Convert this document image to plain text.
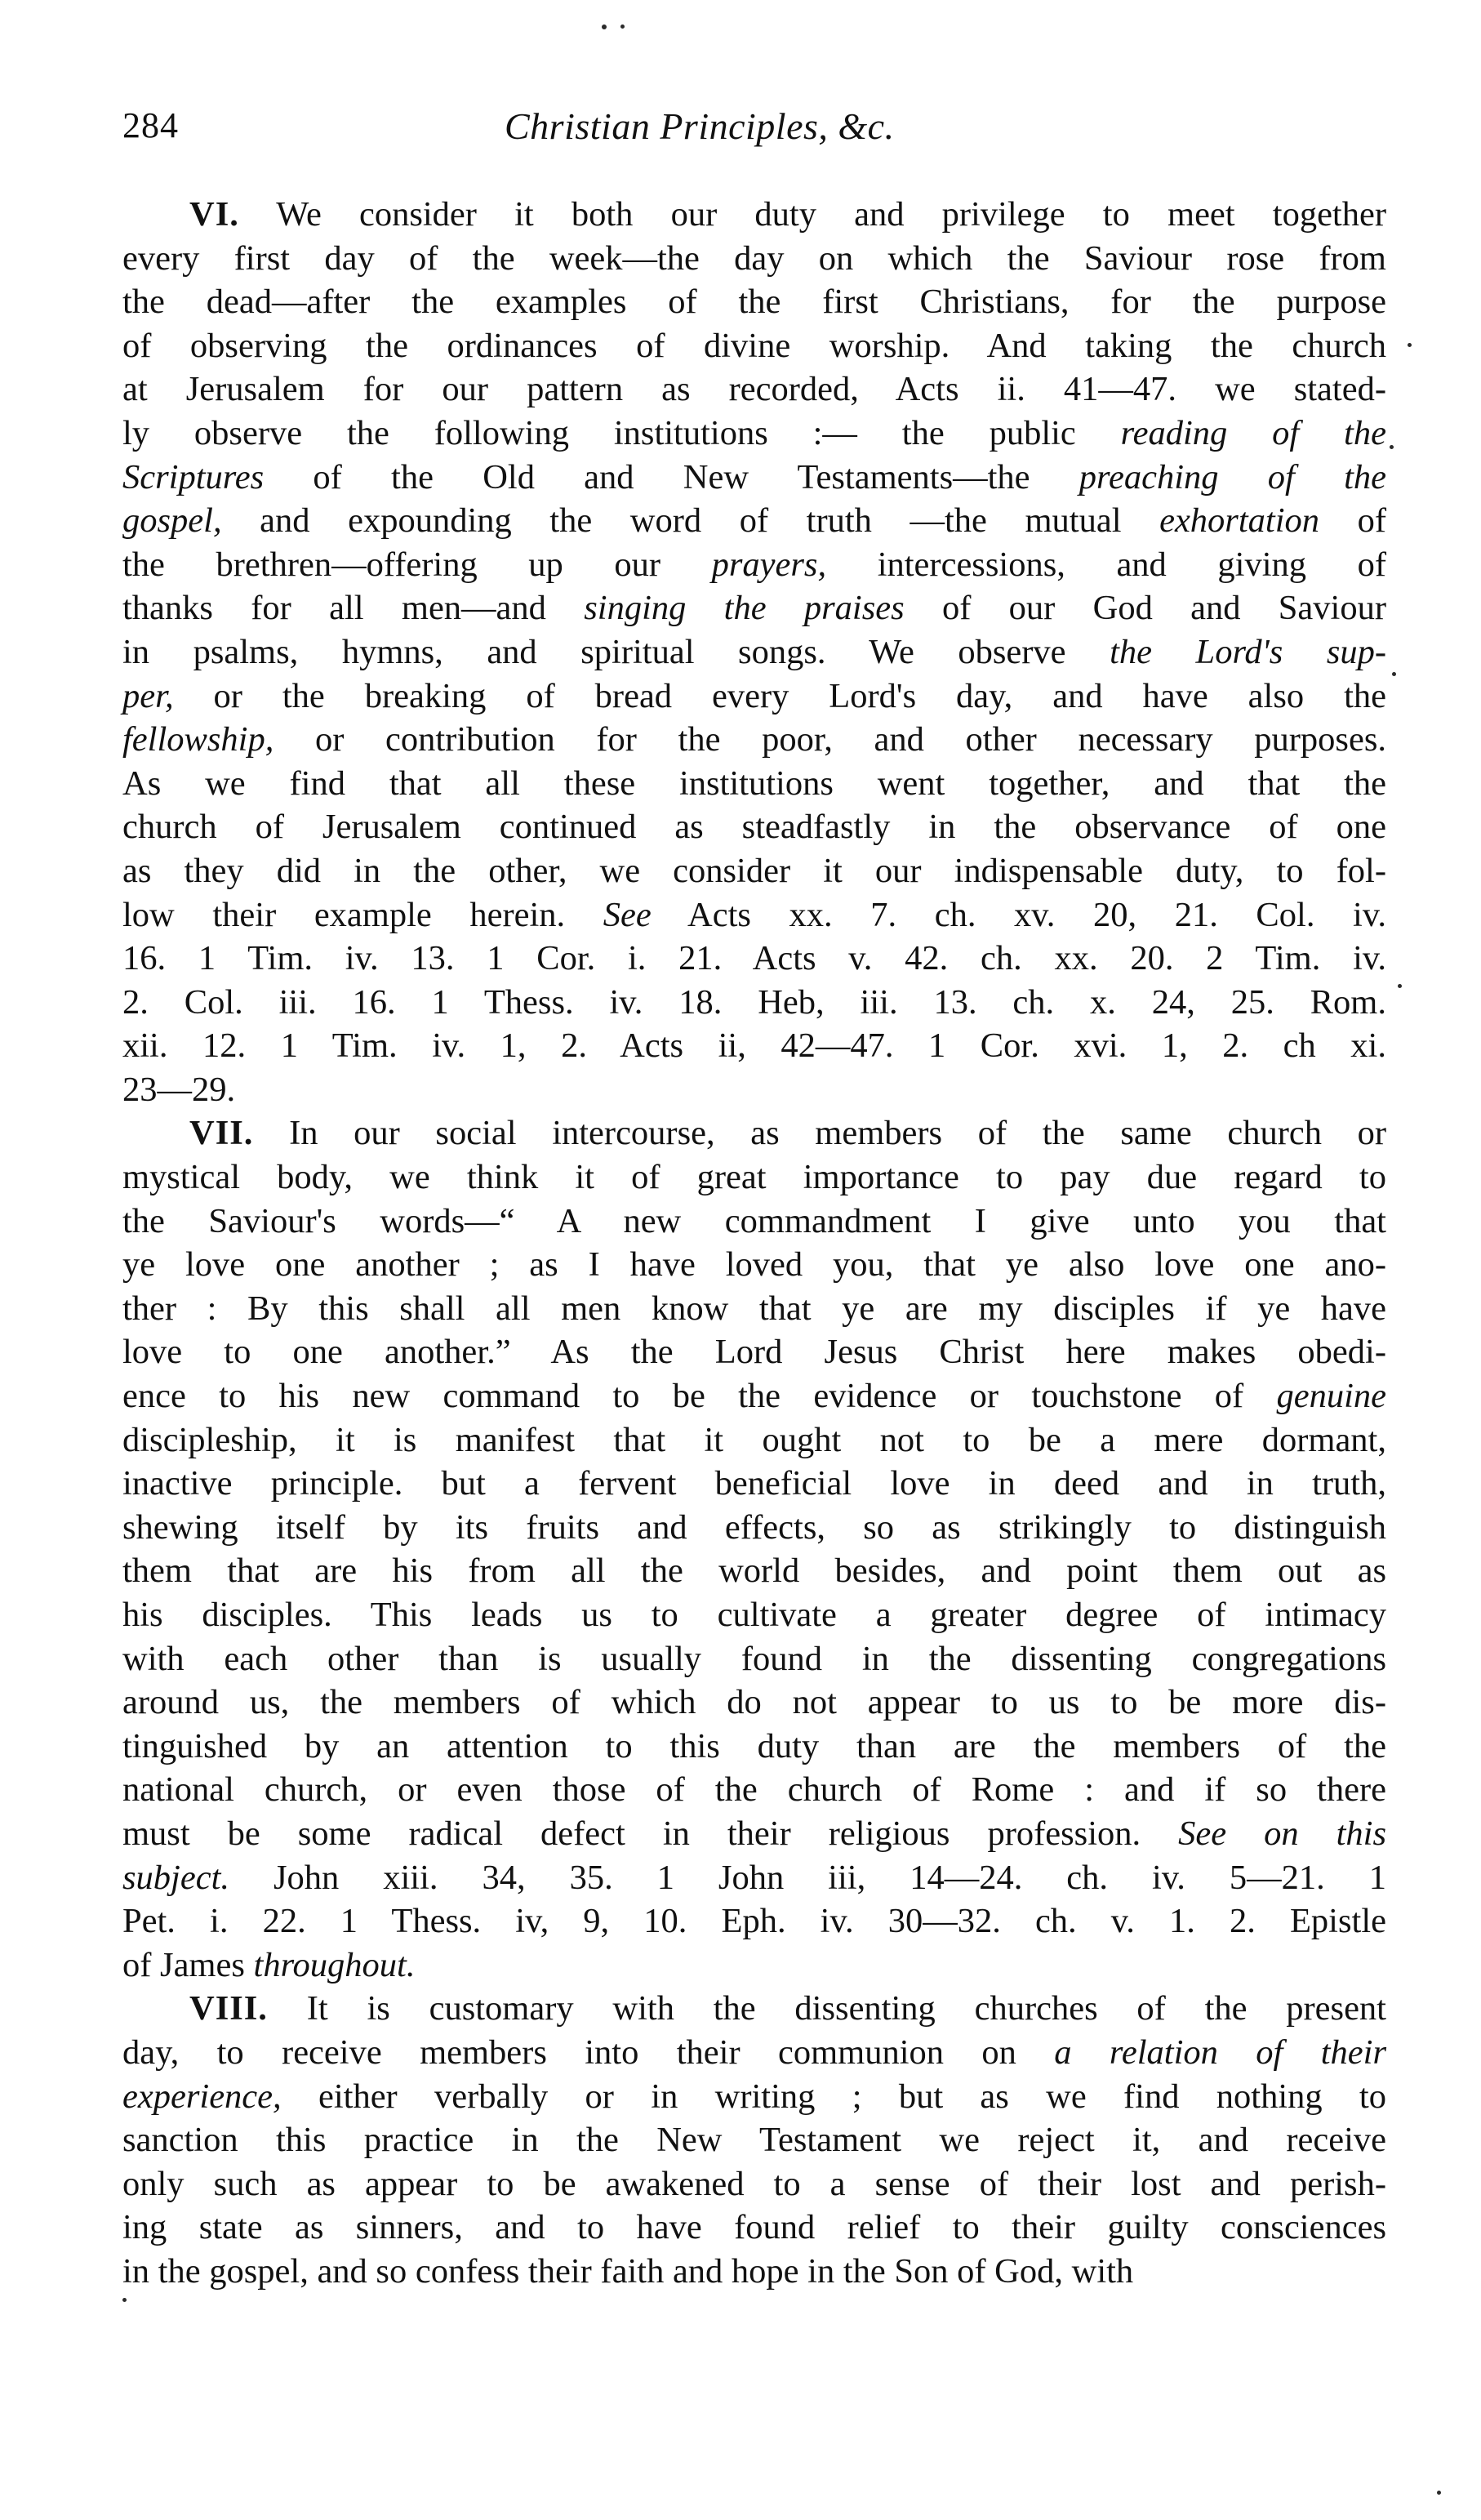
284	Christian Principles, &c.
VI. We consider it both our duty and privilege to meet together
every first day of the week—the day on which the Saviour rose from
the dead—after the examples of the first Christians, for the purpose
of observing the ordinances of divine worship. And taking the church
at Jerusalem for our pattern as recorded, Acts ii. 41—47. we stated-
ly observe the following institutions :— the public reading of the
Scriptures of the Old and New Testaments—the preaching of the
gospel, and expounding the word of truth —the mutual exhortation of
the brethren—offering up our prayers, intercessions, and giving of
thanks for all men—and singing the praises of our God and Saviour
in psalms, hymns, and spiritual songs. We observe the Lord's sup-
per, or the breaking of bread every Lord's day, and have also the
fellowship, or contribution for the poor, and other necessary purposes.
As we find that all these institutions went together, and that the
church of Jerusalem continued as steadfastly in the observance of one
as they did in the other, we consider it our indispensable duty, to fol-
low their example herein. See Acts xx. 7. ch. xv. 20, 21. Col. iv.
16. 1 Tim. iv. 13. 1 Cor. i. 21. Acts v. 42. ch. xx. 20. 2 Tim. iv.
2. Col. iii. 16. 1 Thess. iv. 18. Heb, iii. 13. ch. x. 24, 25. Rom.
xii. 12. 1 Tim. iv. 1, 2. Acts ii, 42—47. 1 Cor. xvi. 1, 2. ch xi.
23—29.
VII. In our social intercourse, as members of the same church or
mystical body, we think it of great importance to pay due regard to
the Saviour's words—“ A new commandment I give unto you that
ye love one another ; as I have loved you, that ye also love one ano-
ther : By this shall all men know that ye are my disciples if ye have
love to one another.” As the Lord Jesus Christ here makes obedi-
ence to his new command to be the evidence or touchstone of genuine
discipleship, it is manifest that it ought not to be a mere dormant,
inactive principle. but a fervent beneficial love in deed and in truth,
shewing itself by its fruits and effects, so as strikingly to distinguish
them that are his from all the world besides, and point them out as
his disciples. This leads us to cultivate a greater degree of intimacy
with each other than is usually found in the dissenting congregations
around us, the members of which do not appear to us to be more dis-
tinguished by an attention to this duty than are the members of the
national church, or even those of the church of Rome : and if so there
must be some radical defect in their religious profession. See on this
subject. John xiii. 34, 35. 1 John iii, 14—24. ch. iv. 5—21. 1
Pet. i. 22. 1 Thess. iv, 9, 10. Eph. iv. 30—32. ch. v. 1. 2. Epistle
of James throughout.
VIII. It is customary with the dissenting churches of the present
day, to receive members into their communion on a relation of their
experience, either verbally or in writing ; but as we find nothing to
sanction this practice in the New Testament we reject it, and receive
only such as appear to be awakened to a sense of their lost and perish-
ing state as sinners, and to have found relief to their guilty consciences
in the gospel, and so confess their faith and hope in the Son of God, with
